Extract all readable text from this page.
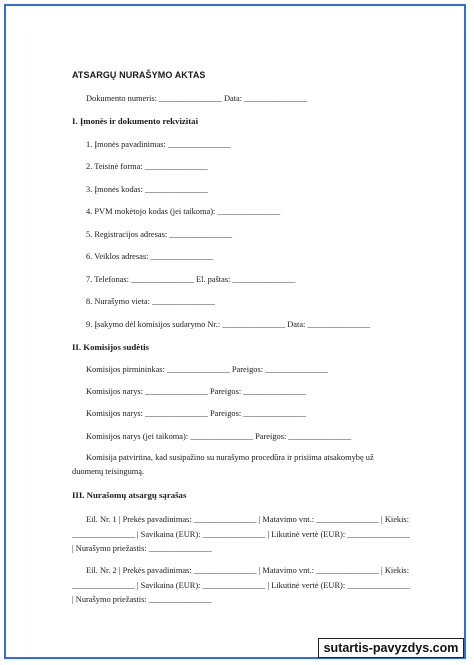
ATSARGŲ NURAŠYMO AKTAS
Dokumento numeris: _______________ Data: _______________
I. Įmonės ir dokumento rekvizitai
1. Įmonės pavadinimas: _______________
2. Teisinė forma: _______________
3. Įmonės kodas: _______________
4. PVM mokėtojo kodas (jei taikoma): _______________
5. Registracijos adresas: _______________
6. Veiklos adresas: _______________
7. Telefonas: _______________ El. paštas: _______________
8. Nurašymo vieta: _______________
9. Įsakymo dėl komisijos sudarymo Nr.: _______________ Data: _______________
II. Komisijos sudėtis
Komisijos pirmininkas: _______________ Pareigos: _______________
Komisijos narys: _______________ Pareigos: _______________
Komisijos narys: _______________ Pareigos: _______________
Komisijos narys (jei taikoma): _______________ Pareigos: _______________
Komisija patvirtina, kad susipažino su nurašymo procedūra ir prisiima atsakomybę už duomenų teisingumą.
III. Nurašomų atsargų sąrašas
Eil. Nr. 1 | Prekės pavadinimas: _______________ | Matavimo vnt.: _______________ | Kiekis:
_______________ | Savikaina (EUR): _______________ | Likutinė vertė (EUR): _______________
| Nurašymo priežastis: _______________
Eil. Nr. 2 | Prekės pavadinimas: _______________ | Matavimo vnt.: _______________ | Kiekis:
_______________ | Savikaina (EUR): _______________ | Likutinė vertė (EUR): _______________
| Nurašymo priežastis: _______________
sutartis-pavyzdys.com
